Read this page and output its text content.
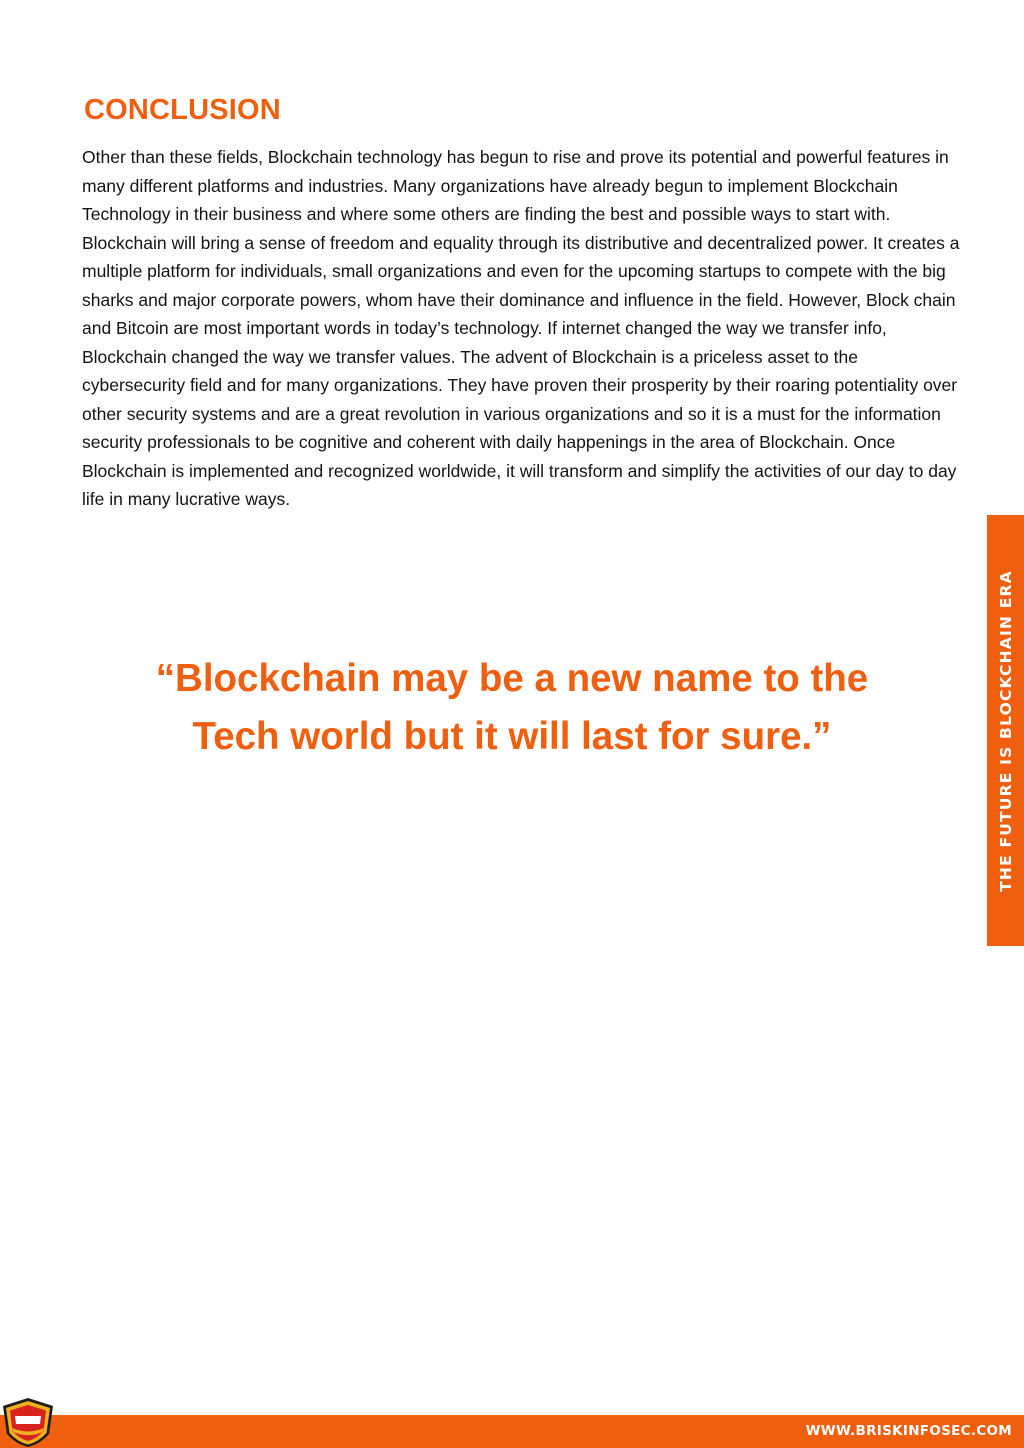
CONCLUSION

Other than these fields, Blockchain technology has begun to rise and prove its potential and powerful features in many different platforms and industries. Many organizations have already begun to implement Blockchain Technology in their business and where some others are finding the best and possible ways to start with. Blockchain will bring a sense of freedom and equality through its distributive and decentralized power. It creates a multiple platform for individuals, small organizations and even for the upcoming startups to compete with the big sharks and major corporate powers, whom have their dominance and influence in the field. However, Block chain and Bitcoin are most important words in today’s technology. If internet changed the way we transfer info, Blockchain changed the way we transfer values. The advent of Blockchain is a priceless asset to the cybersecurity field and for many organizations. They have proven their prosperity by their roaring potentiality over other security systems and are a great revolution in various organizations and so it is a must for the information security professionals to be cognitive and coherent with daily happenings in the area of Blockchain. Once Blockchain is implemented and recognized worldwide, it will transform and simplify the activities of our day to day life in many lucrative ways.

“Blockchain may be a new name to the Tech world but it will last for sure.”	THE FUTURE IS BLOCKCHAIN ERA
WWW.BRISKINFOSEC.COM
